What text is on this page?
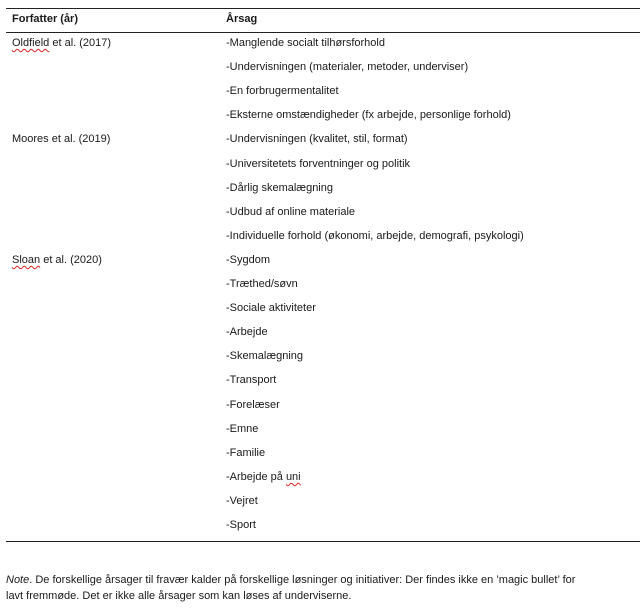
Forfatter (år)	Årsag
Oldfield et al. (2017)	-Manglende socialt tilhørsforhold
-Undervisningen (materialer, metoder, underviser)
-En forbrugermentalitet
-Eksterne omstændigheder (fx arbejde, personlige forhold)
Moores et al. (2019)	-Undervisningen (kvalitet, stil, format)
-Universitetets forventninger og politik
-Dårlig skemalægning
-Udbud af online materiale
-Individuelle forhold (økonomi, arbejde, demografi, psykologi)
Sloan et al. (2020)	-Sygdom
-Træthed/søvn
-Sociale aktiviteter
-Arbejde
-Skemalægning
-Transport
-Forelæser
-Emne
-Familie
-Arbejde på uni
-Vejret
-Sport
Note. De forskellige årsager til fravær kalder på forskellige løsninger og initiativer: Der findes ikke en ’magic bullet’ for
lavt fremmøde. Det er ikke alle årsager som kan løses af underviserne.
